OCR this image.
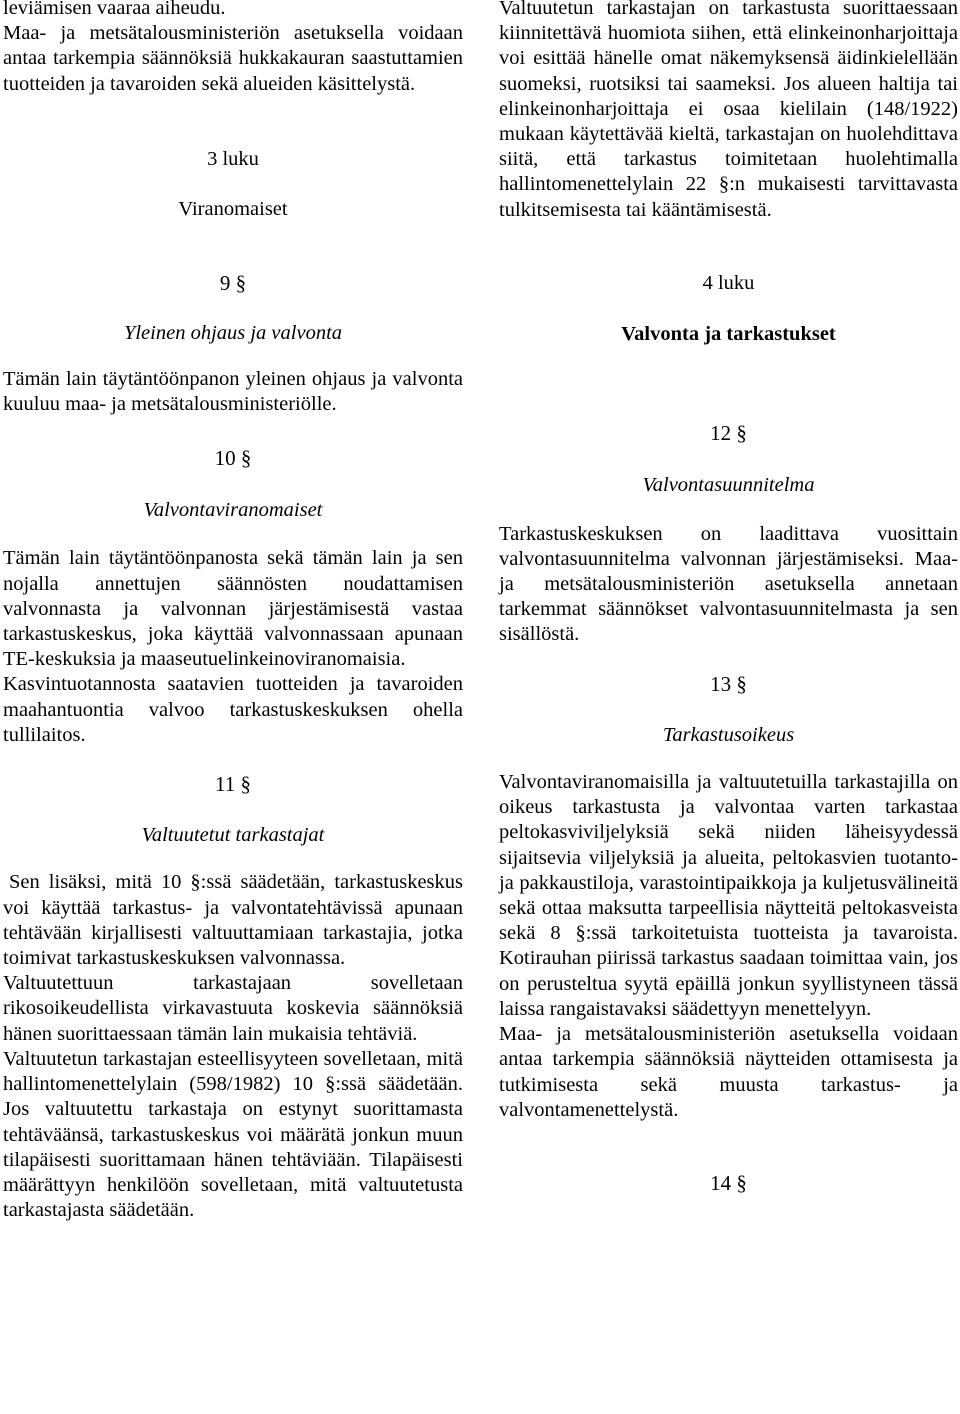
leviämisen vaaraa aiheudu.

Maa- ja metsätalousministeriön asetuksella voidaan antaa tarkempia säännöksiä hukkakauran saastuttamien tuotteiden ja tavaroiden sekä alueiden käsittelystä.

3 luku

Viranomaiset

9 §

Yleinen ohjaus ja valvonta

Tämän lain täytäntöönpanon yleinen ohjaus ja valvonta kuuluu maa- ja metsätalousministeriölle.

10 §

Valvontaviranomaiset

Tämän lain täytäntöönpanosta sekä tämän lain ja sen nojalla annettujen säännösten noudattamisen valvonnasta ja valvonnan järjestämisestä vastaa tarkastuskeskus, joka käyttää valvonnassaan apunaan TE-keskuksia ja maaseutuelinkeinoviranomaisia.

Kasvintuotannosta saatavien tuotteiden ja tavaroiden maahantuontia valvoo tarkastuskeskuksen ohella tullilaitos.

11 §

Valtuutetut tarkastajat

Sen lisäksi, mitä 10 §:ssä säädetään, tarkastuskeskus voi käyttää tarkastus- ja valvontatehtävissä apunaan tehtävään kirjallisesti valtuuttamiaan tarkastajia, jotka toimivat tarkastuskeskuksen valvonnassa.

Valtuutettuun tarkastajaan sovelletaan rikosoikeudellista virkavastuuta koskevia säännöksiä hänen suorittaessaan tämän lain mukaisia tehtäviä.

Valtuutetun tarkastajan esteellisyyteen sovelletaan, mitä hallintomenettelylain (598/1982) 10 §:ssä säädetään. Jos valtuutettu tarkastaja on estynyt suorittamasta tehtäväänsä, tarkastuskeskus voi määrätä jonkun muun tilapäisesti suorittamaan hänen tehtäviään. Tilapäisesti määrättyyn henkilöön sovelletaan, mitä valtuutetusta tarkastajasta säädetään.

Valtuutetun tarkastajan on tarkastusta suorittaessaan kiinnitettävä huomiota siihen, että elinkeinonharjoittaja voi esittää hänelle omat näkemyksensä äidinkielellään suomeksi, ruotsiksi tai saameksi. Jos alueen haltija tai elinkeinonharjoittaja ei osaa kielilain (148/1922) mukaan käytettävää kieltä, tarkastajan on huolehdittava siitä, että tarkastus toimitetaan huolehtimalla hallintomenettelylain 22 §:n mukaisesti tarvittavasta tulkitsemisesta tai kääntämisestä.

4 luku

Valvonta ja tarkastukset

12 §

Valvontasuunnitelma

Tarkastuskeskuksen on laadittava vuosittain valvontasuunnitelma valvonnan järjestämiseksi. Maa- ja metsätalousministeriön asetuksella annetaan tarkemmat säännökset valvontasuunnitelmasta ja sen sisällöstä.

13 §

Tarkastusoikeus

Valvontaviranomaisilla ja valtuutetuilla tarkastajilla on oikeus tarkastusta ja valvontaa varten tarkastaa peltokasviviljelyksiä sekä niiden läheisyydessä sijaitsevia viljelyksiä ja alueita, peltokasvien tuotanto- ja pakkaustiloja, varastointipaikkoja ja kuljetusvälineitä sekä ottaa maksutta tarpeellisia näytteitä peltokasveista sekä 8 §:ssä tarkoitetuista tuotteista ja tavaroista. Kotirauhan piirissä tarkastus saadaan toimittaa vain, jos on perusteltua syytä epäillä jonkun syyllistyneen tässä laissa rangaistavaksi säädettyyn menettelyyn.

Maa- ja metsätalousministeriön asetuksella voidaan antaa tarkempia säännöksiä näytteiden ottamisesta ja tutkimisesta sekä muusta tarkastus- ja valvontamenettelystä.

14 §
